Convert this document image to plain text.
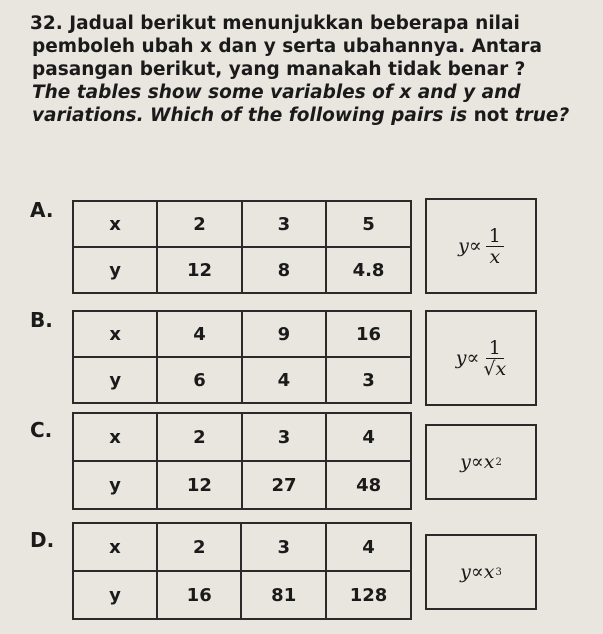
32. Jadual berikut menunjukkan beberapa nilai
pemboleh ubah x dan y serta ubahannya. Antara
pasangan berikut, yang manakah tidak benar ?
The tables show some variables of x and y and
variations. Which of the following pairs is not true?
A.
x	2	3	5
y	12	8	4.8
$y\propto \frac{1}{x}$
B.
x	4	9	16
y	6	4	3
$y\propto \frac{1}{√x}$
C.	x	2	3	4
y	12	27	48
y∝x 2
D.	x	2	3	4
y	16	81	128
y∝x 3
